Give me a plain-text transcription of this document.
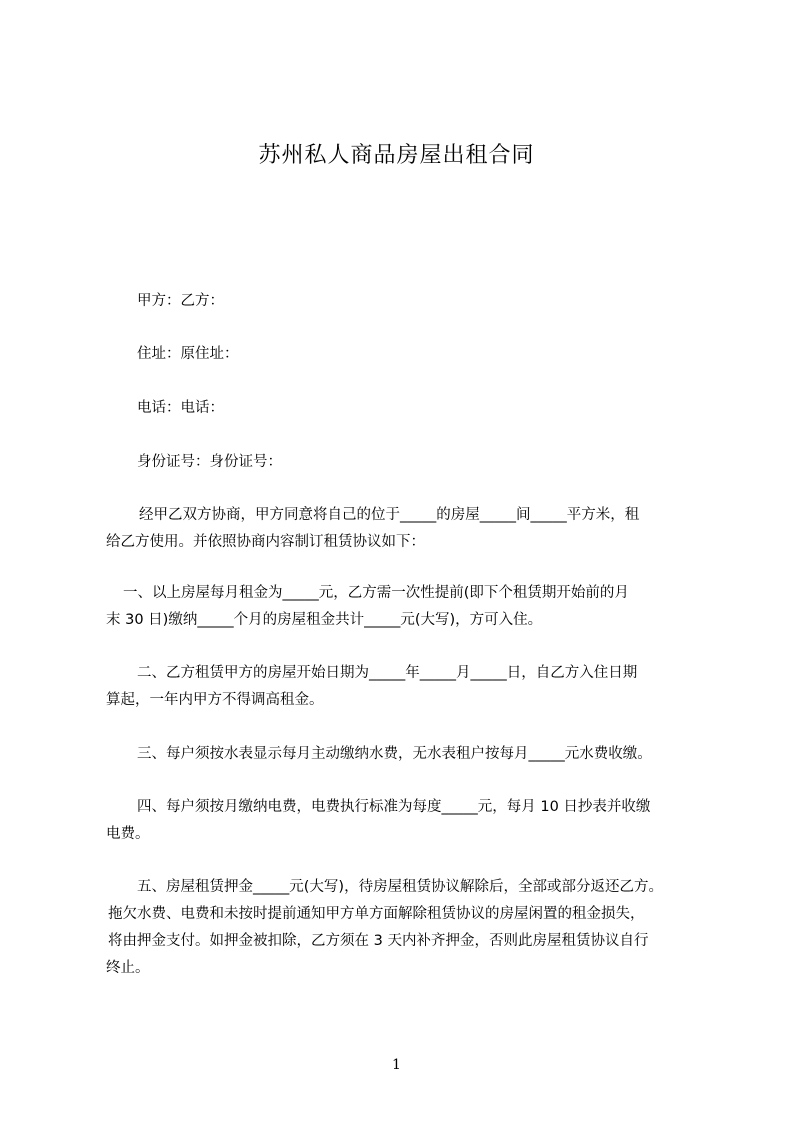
苏州私人商品房屋出租合同
甲方：乙方：
住址：原住址：
电话：电话：
身份证号：身份证号：
经甲乙双方协商，甲方同意将自己的位于_____的房屋_____间_____平方米，租
给乙方使用。并依照协商内容制订租赁协议如下：
一、以上房屋每月租金为_____元，乙方需一次性提前(即下个租赁期开始前的月
末 30 日)缴纳_____个月的房屋租金共计_____元(大写)，方可入住。
二、乙方租赁甲方的房屋开始日期为_____年_____月_____日，自乙方入住日期
算起，一年内甲方不得调高租金。
三、每户须按水表显示每月主动缴纳水费，无水表租户按每月_____元水费收缴。
四、每户须按月缴纳电费，电费执行标准为每度_____元，每月 10 日抄表并收缴
电费。
五、房屋租赁押金_____元(大写)，待房屋租赁协议解除后，全部或部分返还乙方。
拖欠水费、电费和未按时提前通知甲方单方面解除租赁协议的房屋闲置的租金损失，
将由押金支付。如押金被扣除，乙方须在 3 天内补齐押金，否则此房屋租赁协议自行
终止。
1
